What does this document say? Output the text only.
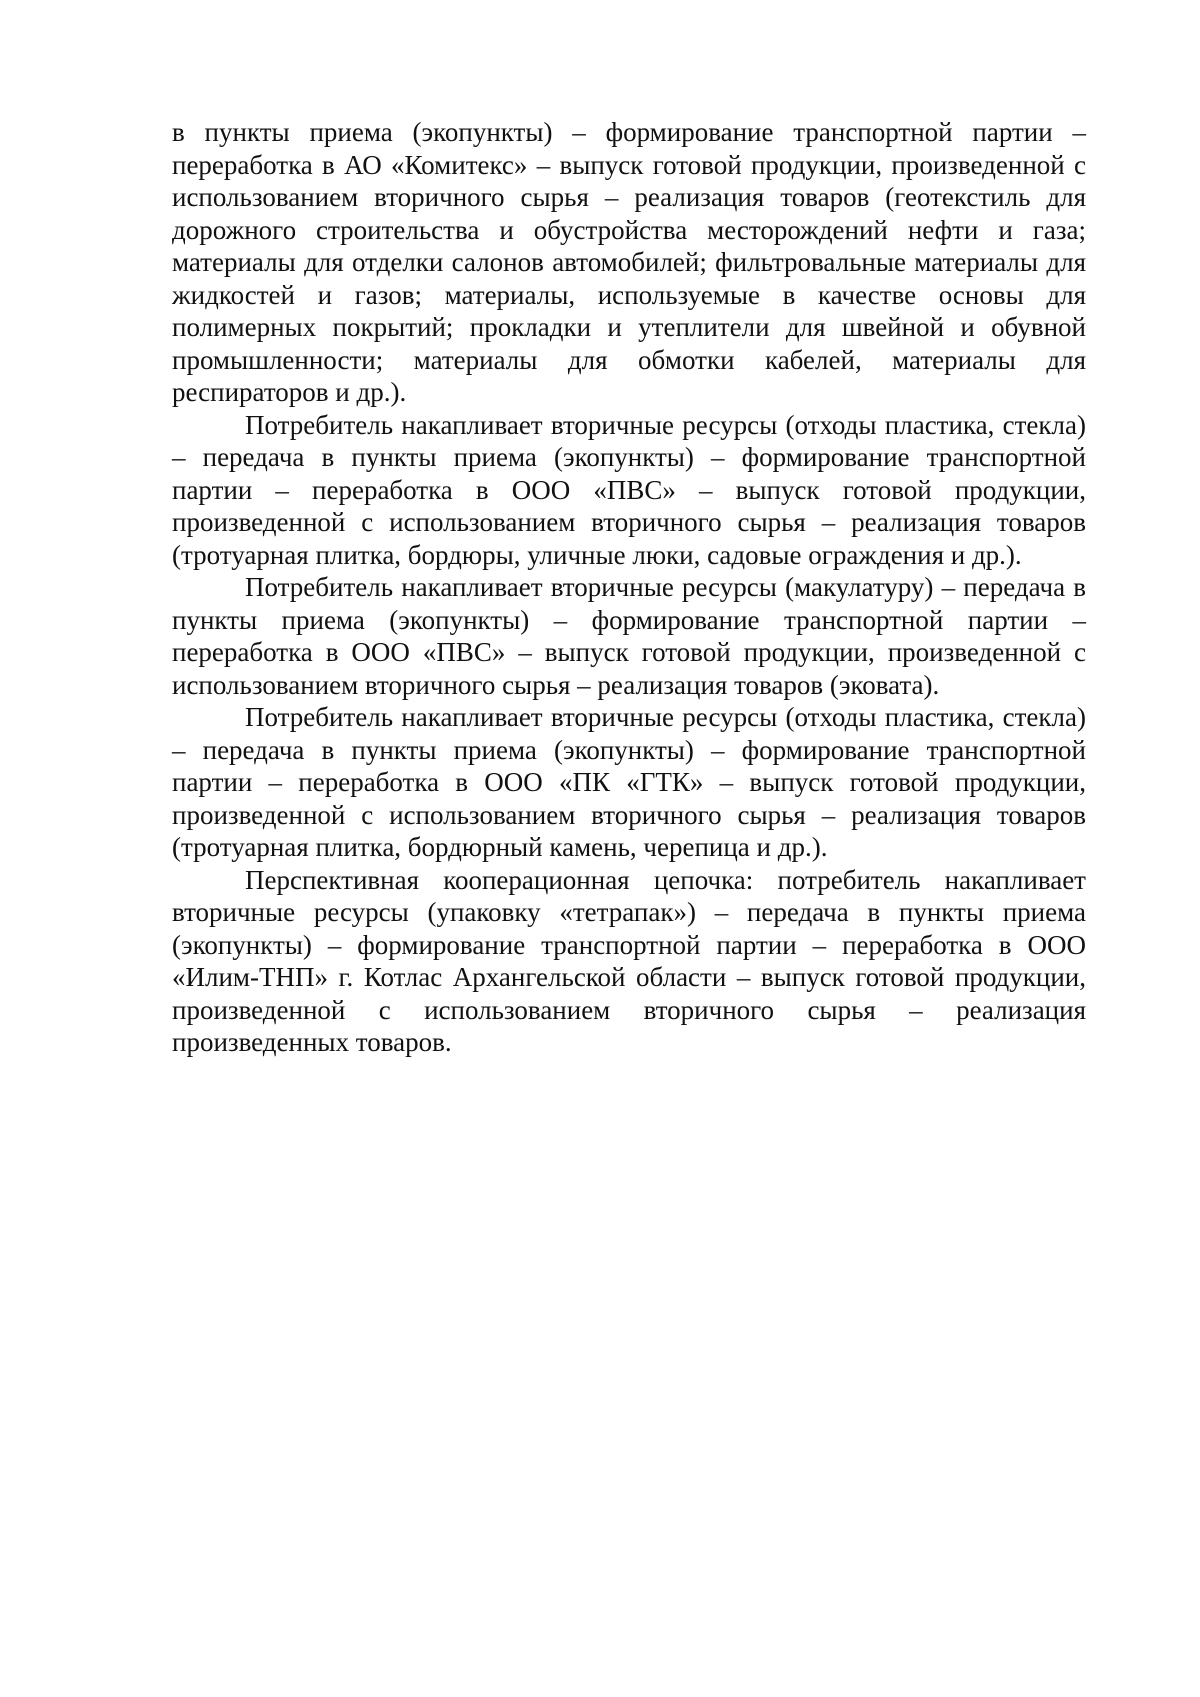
в пункты приема (экопункты) – формирование транспортной партии – переработка в АО «Комитекс» – выпуск готовой продукции, произведенной с использованием вторичного сырья – реализация товаров (геотекстиль для дорожного строительства и обустройства месторождений нефти и газа; материалы для отделки салонов автомобилей; фильтровальные материалы для жидкостей и газов; материалы, используемые в качестве основы для полимерных покрытий; прокладки и утеплители для швейной и обувной промышленности; материалы для обмотки кабелей, материалы для респираторов и др.).

Потребитель накапливает вторичные ресурсы (отходы пластика, стекла) – передача в пункты приема (экопункты) – формирование транспортной партии – переработка в ООО «ПВС» – выпуск готовой продукции, произведенной с использованием вторичного сырья – реализация товаров (тротуарная плитка, бордюры, уличные люки, садовые ограждения и др.).

Потребитель накапливает вторичные ресурсы (макулатуру) – передача в пункты приема (экопункты) – формирование транспортной партии – переработка в ООО «ПВС» – выпуск готовой продукции, произведенной с использованием вторичного сырья – реализация товаров (эковата).

Потребитель накапливает вторичные ресурсы (отходы пластика, стекла) – передача в пункты приема (экопункты) – формирование транспортной партии – переработка в ООО «ПК «ГТК» – выпуск готовой продукции, произведенной с использованием вторичного сырья – реализация товаров (тротуарная плитка, бордюрный камень, черепица и др.).

Перспективная кооперационная цепочка: потребитель накапливает вторичные ресурсы (упаковку «тетрапак») – передача в пункты приема (экопункты) – формирование транспортной партии – переработка в ООО «Илим-ТНП» г. Котлас Архангельской области – выпуск готовой продукции, произведенной с использованием вторичного сырья – реализация произведенных товаров.
